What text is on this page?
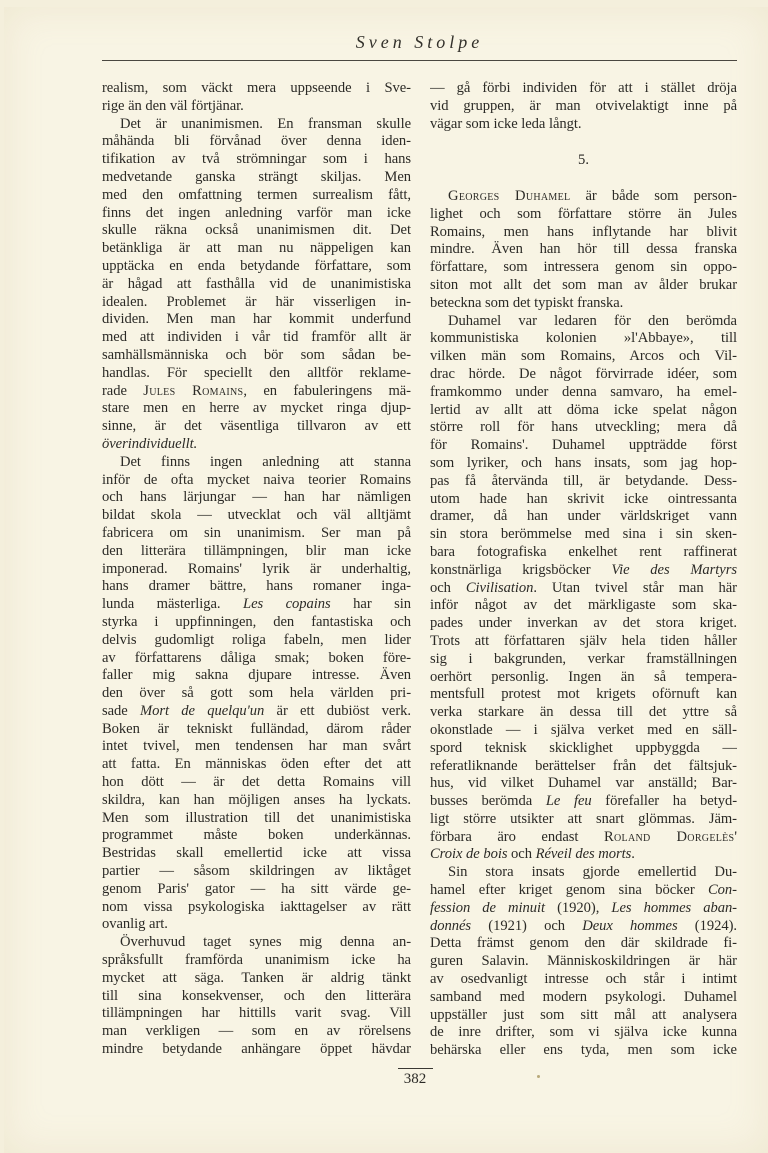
Sven Stolpe
realism, som väckt mera uppseende i Sve-
rige än den väl förtjänar.
Det är unanimismen. En fransman skulle
måhända bli förvånad över denna iden-
tifikation av två strömningar som i hans
medvetande ganska strängt skiljas. Men
med den omfattning termen surrealism fått,
finns det ingen anledning varför man icke
skulle räkna också unanimismen dit. Det
betänkliga är att man nu näppeligen kan
upptäcka en enda betydande författare, som
är hågad att fasthålla vid de unanimistiska
idealen. Problemet är här visserligen in-
dividen. Men man har kommit underfund
med att individen i vår tid framför allt är
samhällsmänniska och bör som sådan be-
handlas. För speciellt den alltför reklame-
rade Jules Romains, en fabuleringens mä-
stare men en herre av mycket ringa djup-
sinne, är det väsentliga tillvaron av ett
överindividuellt.
Det finns ingen anledning att stanna
inför de ofta mycket naiva teorier Romains
och hans lärjungar — han har nämligen
bildat skola — utvecklat och väl alltjämt
fabricera om sin unanimism. Ser man på
den litterära tillämpningen, blir man icke
imponerad. Romains' lyrik är underhaltig,
hans dramer bättre, hans romaner inga-
lunda mästerliga. Les copains har sin
styrka i uppfinningen, den fantastiska och
delvis gudomligt roliga fabeln, men lider
av författarens dåliga smak; boken före-
faller mig sakna djupare intresse. Även
den över så gott som hela världen pri-
sade Mort de quelqu'un är ett dubiöst verk.
Boken är tekniskt fulländad, därom råder
intet tvivel, men tendensen har man svårt
att fatta. En människas öden efter det att
hon dött — är det detta Romains vill
skildra, kan han möjligen anses ha lyckats.
Men som illustration till det unanimistiska
programmet måste boken underkännas.
Bestridas skall emellertid icke att vissa
partier — såsom skildringen av liktåget
genom Paris' gator — ha sitt värde ge-
nom vissa psykologiska iakttagelser av rätt
ovanlig art.
Överhuvud taget synes mig denna an-
språksfullt framförda unanimism icke ha
mycket att säga. Tanken är aldrig tänkt
till sina konsekvenser, och den litterära
tillämpningen har hittills varit svag. Vill
man verkligen — som en av rörelsens
mindre betydande anhängare öppet hävdar
— gå förbi individen för att i stället dröja
vid gruppen, är man otvivelaktigt inne på
vägar som icke leda långt.
5.
Georges Duhamel är både som person-
lighet och som författare större än Jules
Romains, men hans inflytande har blivit
mindre. Även han hör till dessa franska
författare, som intressera genom sin oppo-
siton mot allt det som man av ålder brukar
beteckna som det typiskt franska.
Duhamel var ledaren för den berömda
kommunistiska kolonien »l'Abbaye», till
vilken män som Romains, Arcos och Vil-
drac hörde. De något förvirrade idéer, som
framkommo under denna samvaro, ha emel-
lertid av allt att döma icke spelat någon
större roll för hans utveckling; mera då
för Romains'. Duhamel uppträdde först
som lyriker, och hans insats, som jag hop-
pas få återvända till, är betydande. Dess-
utom hade han skrivit icke ointressanta
dramer, då han under världskriget vann
sin stora berömmelse med sina i sin sken-
bara fotografiska enkelhet rent raffinerat
konstnärliga krigsböcker Vie des Martyrs
och Civilisation. Utan tvivel står man här
inför något av det märkligaste som ska-
pades under inverkan av det stora kriget.
Trots att författaren själv hela tiden håller
sig i bakgrunden, verkar framställningen
oerhört personlig. Ingen än så tempera-
mentsfull protest mot krigets oförnuft kan
verka starkare än dessa till det yttre så
okonstlade — i själva verket med en säll-
spord teknisk skicklighet uppbyggda —
referatliknande berättelser från det fältsjuk-
hus, vid vilket Duhamel var anställd; Bar-
busses berömda Le feu förefaller ha betyd-
ligt större utsikter att snart glömmas. Jäm-
förbara äro endast Roland Dorgelès'
Croix de bois och Réveil des morts.
Sin stora insats gjorde emellertid Du-
hamel efter kriget genom sina böcker Con-
fession de minuit (1920), Les hommes aban-
donnés (1921) och Deux hommes (1924).
Detta främst genom den där skildrade fi-
guren Salavin. Människoskildringen är här
av osedvanligt intresse och står i intimt
samband med modern psykologi. Duhamel
uppställer just som sitt mål att analysera
de inre drifter, som vi själva icke kunna
behärska eller ens tyda, men som icke
382
